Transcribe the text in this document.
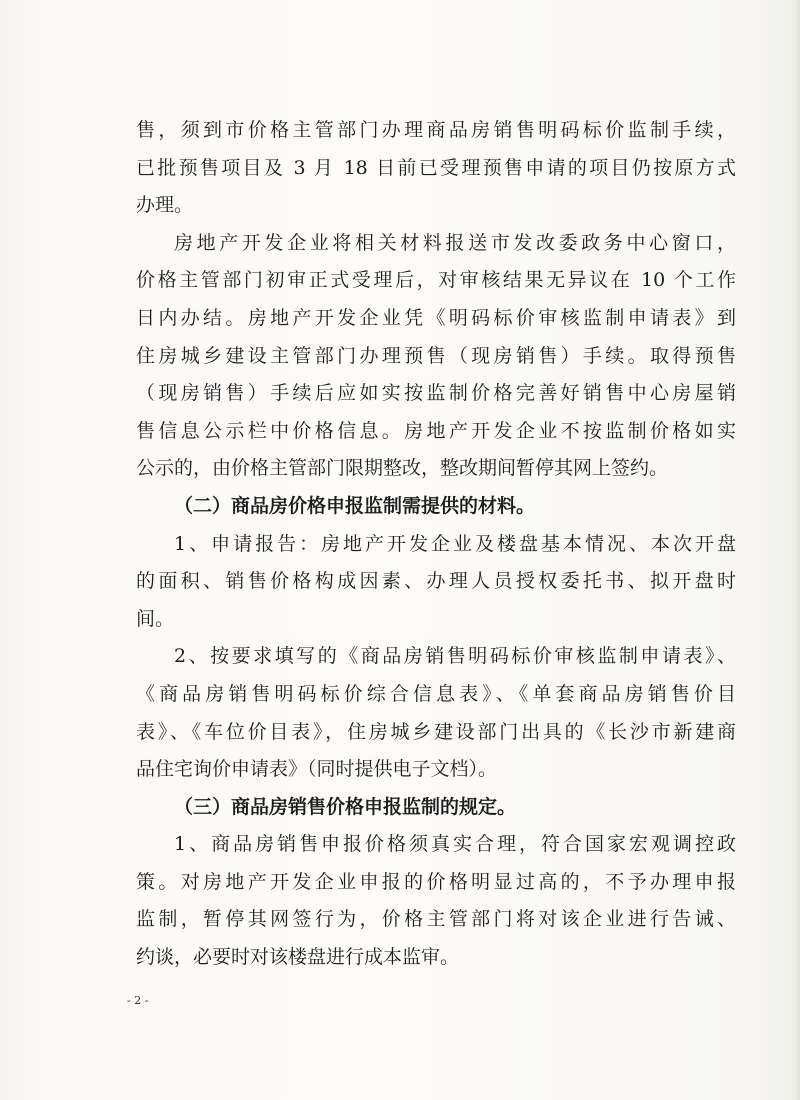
售，须到市价格主管部门办理商品房销售明码标价监制手续，
已批预售项目及 3 月 18 日前已受理预售申请的项目仍按原方式
办理。
房地产开发企业将相关材料报送市发改委政务中心窗口，
价格主管部门初审正式受理后，对审核结果无异议在 10 个工作
日内办结。房地产开发企业凭《明码标价审核监制申请表》到
住房城乡建设主管部门办理预售（现房销售）手续。取得预售
（现房销售）手续后应如实按监制价格完善好销售中心房屋销
售信息公示栏中价格信息。房地产开发企业不按监制价格如实
公示的，由价格主管部门限期整改，整改期间暂停其网上签约。
（二）商品房价格申报监制需提供的材料。
1、申请报告：房地产开发企业及楼盘基本情况、本次开盘
的面积、销售价格构成因素、办理人员授权委托书、拟开盘时
间。
2、按要求填写的《商品房销售明码标价审核监制申请表》、
《商品房销售明码标价综合信息表》、《单套商品房销售价目
表》、《车位价目表》，住房城乡建设部门出具的《长沙市新建商
品住宅询价申请表》（同时提供电子文档）。
（三）商品房销售价格申报监制的规定。
1、商品房销售申报价格须真实合理，符合国家宏观调控政
策。对房地产开发企业申报的价格明显过高的，不予办理申报
监制，暂停其网签行为，价格主管部门将对该企业进行告诫、
约谈，必要时对该楼盘进行成本监审。
- 2 -
